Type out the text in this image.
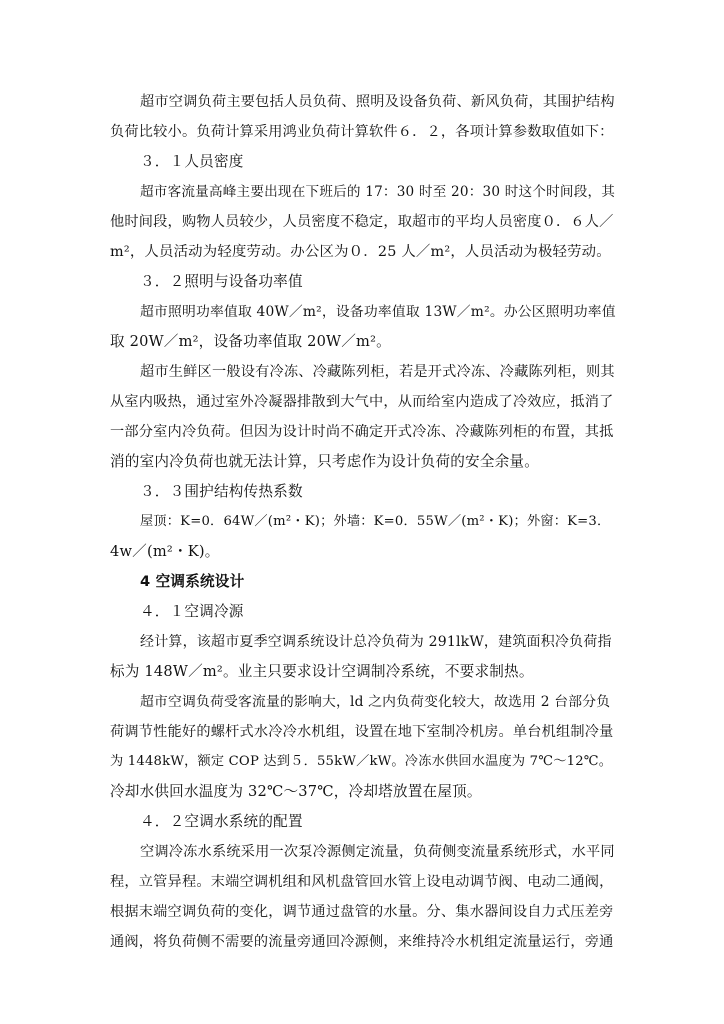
超市空调负荷主要包括人员负荷、照明及设备负荷、新风负荷，其围护结构
负荷比较小。负荷计算采用鸿业负荷计算软件６．２，各项计算参数取值如下：
３．１人员密度
超市客流量高峰主要出现在下班后的 17：30 时至 20：30 时这个时间段，其
他时间段，购物人员较少，人员密度不稳定，取超市的平均人员密度０．６人／
m²，人员活动为轻度劳动。办公区为０．25 人／m²，人员活动为极轻劳动。
３．２照明与设备功率值
超市照明功率值取 40W／m²，设备功率值取 13W／m²。办公区照明功率值
取 20W／m²，设备功率值取 20W／m²。
超市生鲜区一般设有冷冻、冷藏陈列柜，若是开式冷冻、冷藏陈列柜，则其
从室内吸热，通过室外冷凝器排散到大气中，从而给室内造成了冷效应，抵消了
一部分室内冷负荷。但因为设计时尚不确定开式冷冻、冷藏陈列柜的布置，其抵
消的室内冷负荷也就无法计算，只考虑作为设计负荷的安全余量。
３．３围护结构传热系数
屋顶：K=0．64W／(m²・K)；外墙：K=0．55W／(m²・K)；外窗：K=3．
4w／(m²・K)。
4 空调系统设计
４．１空调冷源
经计算，该超市夏季空调系统设计总冷负荷为 291lkW，建筑面积冷负荷指
标为 148W／m²。业主只要求设计空调制冷系统，不要求制热。
超市空调负荷受客流量的影响大，ld 之内负荷变化较大，故选用 2 台部分负
荷调节性能好的螺杆式水冷冷水机组，设置在地下室制冷机房。单台机组制冷量
为 1448kW，额定 COP 达到５．55kW／kW。冷冻水供回水温度为 7℃～12℃。
冷却水供回水温度为 32℃～37℃，冷却塔放置在屋顶。
４．２空调水系统的配置
空调冷冻水系统采用一次泵冷源侧定流量，负荷侧变流量系统形式，水平同
程，立管异程。末端空调机组和风机盘管回水管上设电动调节阀、电动二通阀，
根据末端空调负荷的变化，调节通过盘管的水量。分、集水器间设自力式压差旁
通阀，将负荷侧不需要的流量旁通回冷源侧，来维持冷水机组定流量运行，旁通
